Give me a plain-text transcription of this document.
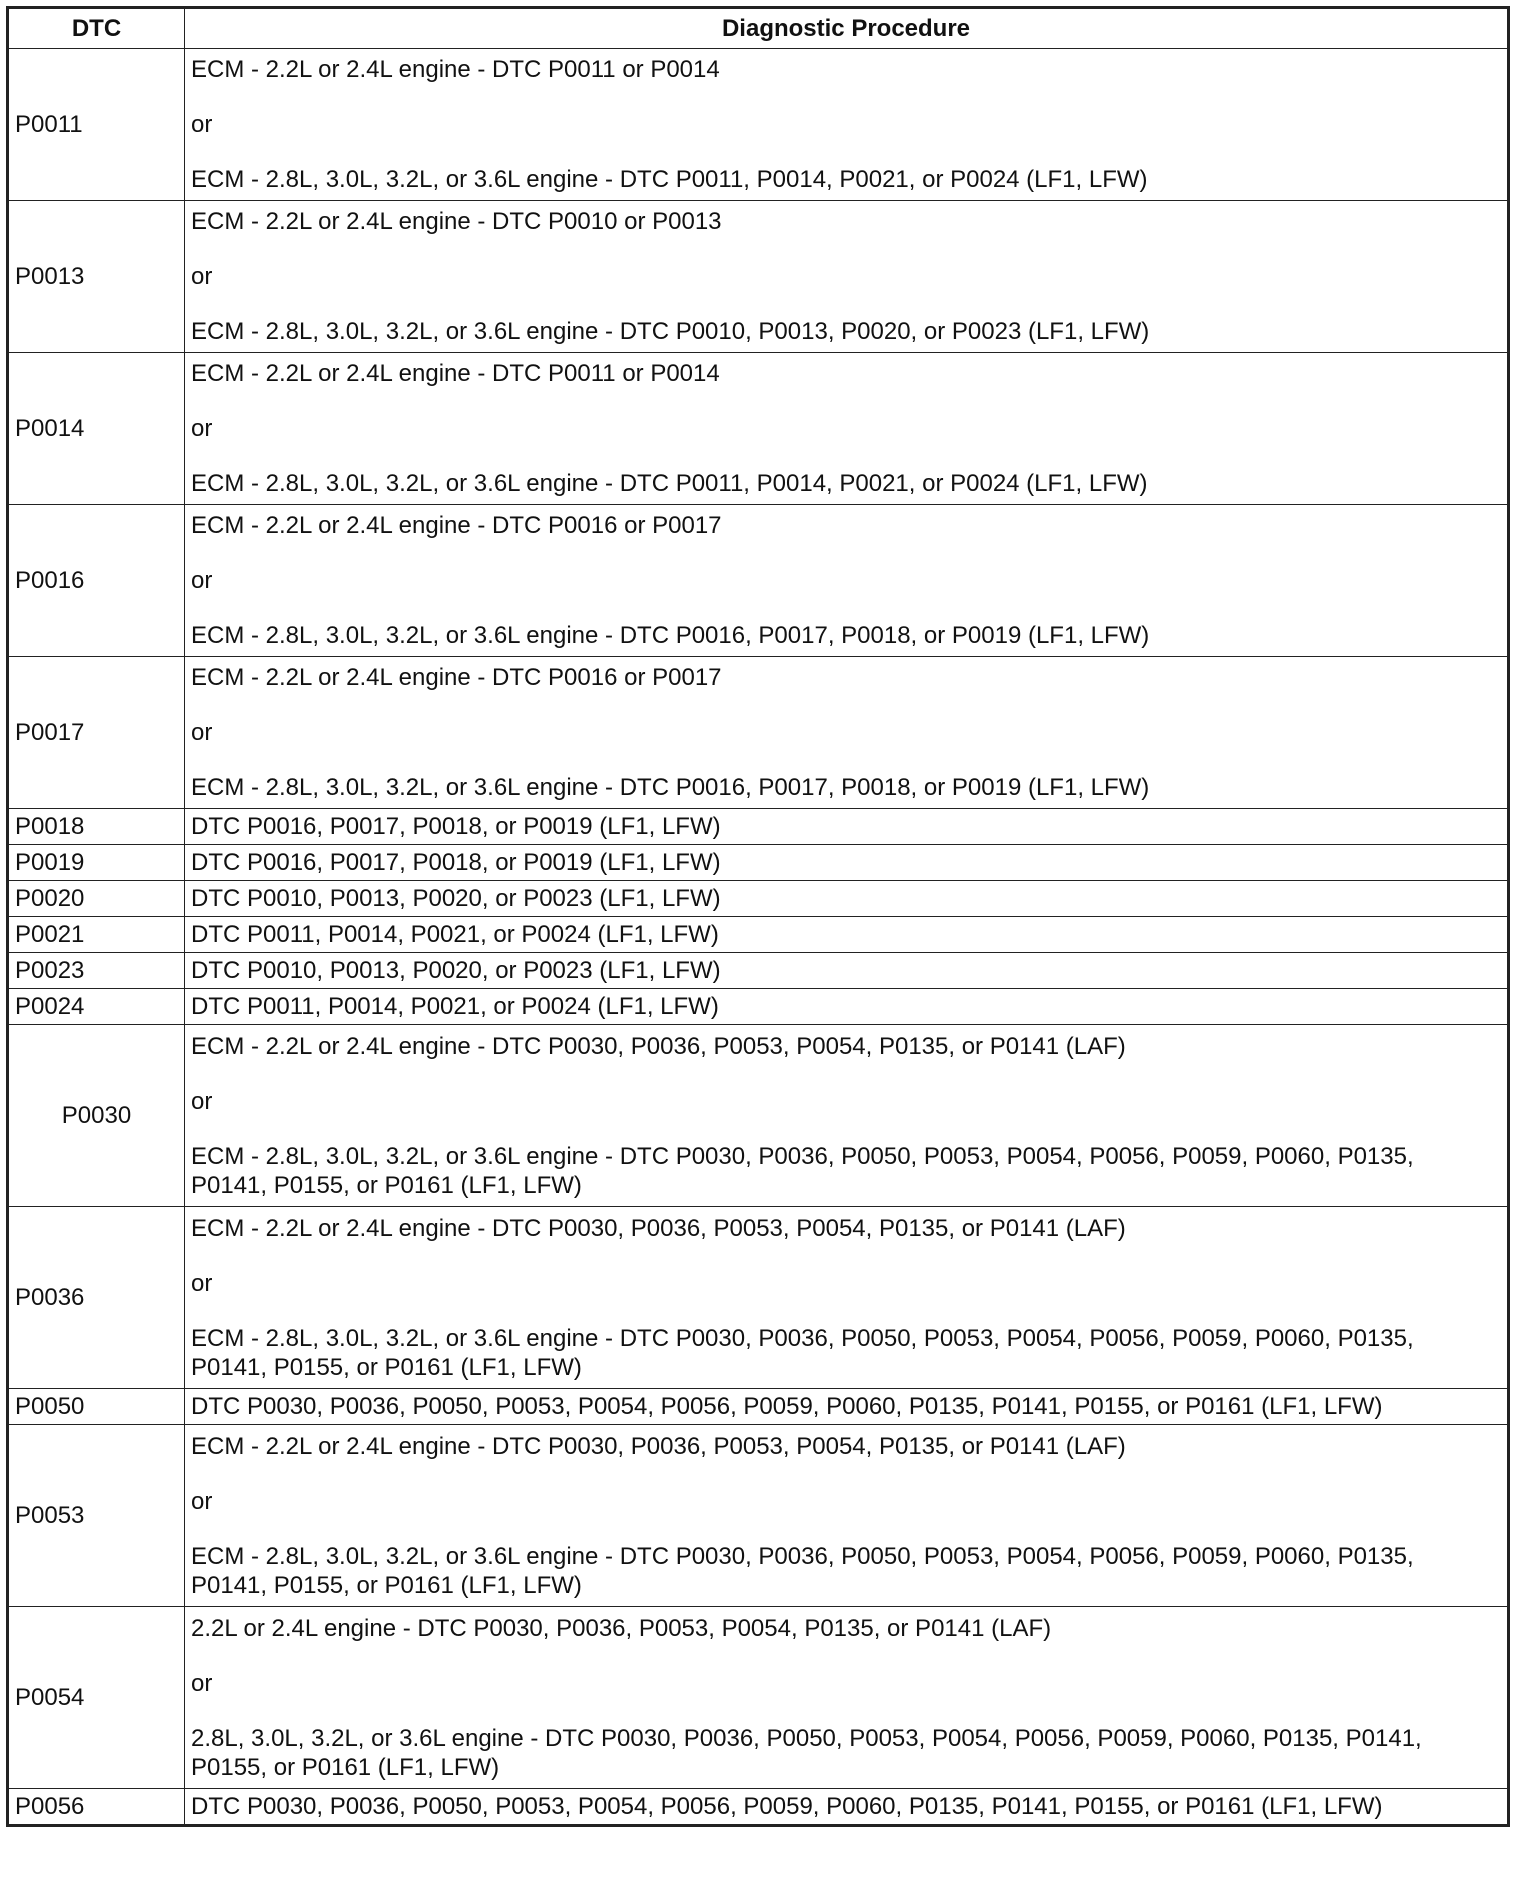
DTC	Diagnostic Procedure
P0011	ECM - 2.2L or 2.4L engine - DTC P0011 or P0014
or
ECM - 2.8L, 3.0L, 3.2L, or 3.6L engine - DTC P0011, P0014, P0021, or P0024 (LF1, LFW)

P0013	ECM - 2.2L or 2.4L engine - DTC P0010 or P0013
or
ECM - 2.8L, 3.0L, 3.2L, or 3.6L engine - DTC P0010, P0013, P0020, or P0023 (LF1, LFW)

P0014	ECM - 2.2L or 2.4L engine - DTC P0011 or P0014
or
ECM - 2.8L, 3.0L, 3.2L, or 3.6L engine - DTC P0011, P0014, P0021, or P0024 (LF1, LFW)

P0016	ECM - 2.2L or 2.4L engine - DTC P0016 or P0017
or
ECM - 2.8L, 3.0L, 3.2L, or 3.6L engine - DTC P0016, P0017, P0018, or P0019 (LF1, LFW)

P0017	ECM - 2.2L or 2.4L engine - DTC P0016 or P0017
or
ECM - 2.8L, 3.0L, 3.2L, or 3.6L engine - DTC P0016, P0017, P0018, or P0019 (LF1, LFW)

P0018	DTC P0016, P0017, P0018, or P0019 (LF1, LFW)

P0019	DTC P0016, P0017, P0018, or P0019 (LF1, LFW)

P0020	DTC P0010, P0013, P0020, or P0023 (LF1, LFW)

P0021	DTC P0011, P0014, P0021, or P0024 (LF1, LFW)

P0023	DTC P0010, P0013, P0020, or P0023 (LF1, LFW)

P0024	DTC P0011, P0014, P0021, or P0024 (LF1, LFW)

P0030	ECM - 2.2L or 2.4L engine - DTC P0030, P0036, P0053, P0054, P0135, or P0141 (LAF)
or
ECM - 2.8L, 3.0L, 3.2L, or 3.6L engine - DTC P0030, P0036, P0050, P0053, P0054, P0056, P0059, P0060, P0135, P0141, P0155, or P0161 (LF1, LFW)

P0036	ECM - 2.2L or 2.4L engine - DTC P0030, P0036, P0053, P0054, P0135, or P0141 (LAF)
or
ECM - 2.8L, 3.0L, 3.2L, or 3.6L engine - DTC P0030, P0036, P0050, P0053, P0054, P0056, P0059, P0060, P0135, P0141, P0155, or P0161 (LF1, LFW)

P0050	DTC P0030, P0036, P0050, P0053, P0054, P0056, P0059, P0060, P0135, P0141, P0155, or P0161 (LF1, LFW)

P0053	ECM - 2.2L or 2.4L engine - DTC P0030, P0036, P0053, P0054, P0135, or P0141 (LAF)
or
ECM - 2.8L, 3.0L, 3.2L, or 3.6L engine - DTC P0030, P0036, P0050, P0053, P0054, P0056, P0059, P0060, P0135, P0141, P0155, or P0161 (LF1, LFW)

P0054	2.2L or 2.4L engine - DTC P0030, P0036, P0053, P0054, P0135, or P0141 (LAF)
or
2.8L, 3.0L, 3.2L, or 3.6L engine - DTC P0030, P0036, P0050, P0053, P0054, P0056, P0059, P0060, P0135, P0141, P0155, or P0161 (LF1, LFW)

P0056	DTC P0030, P0036, P0050, P0053, P0054, P0056, P0059, P0060, P0135, P0141, P0155, or P0161 (LF1, LFW)
